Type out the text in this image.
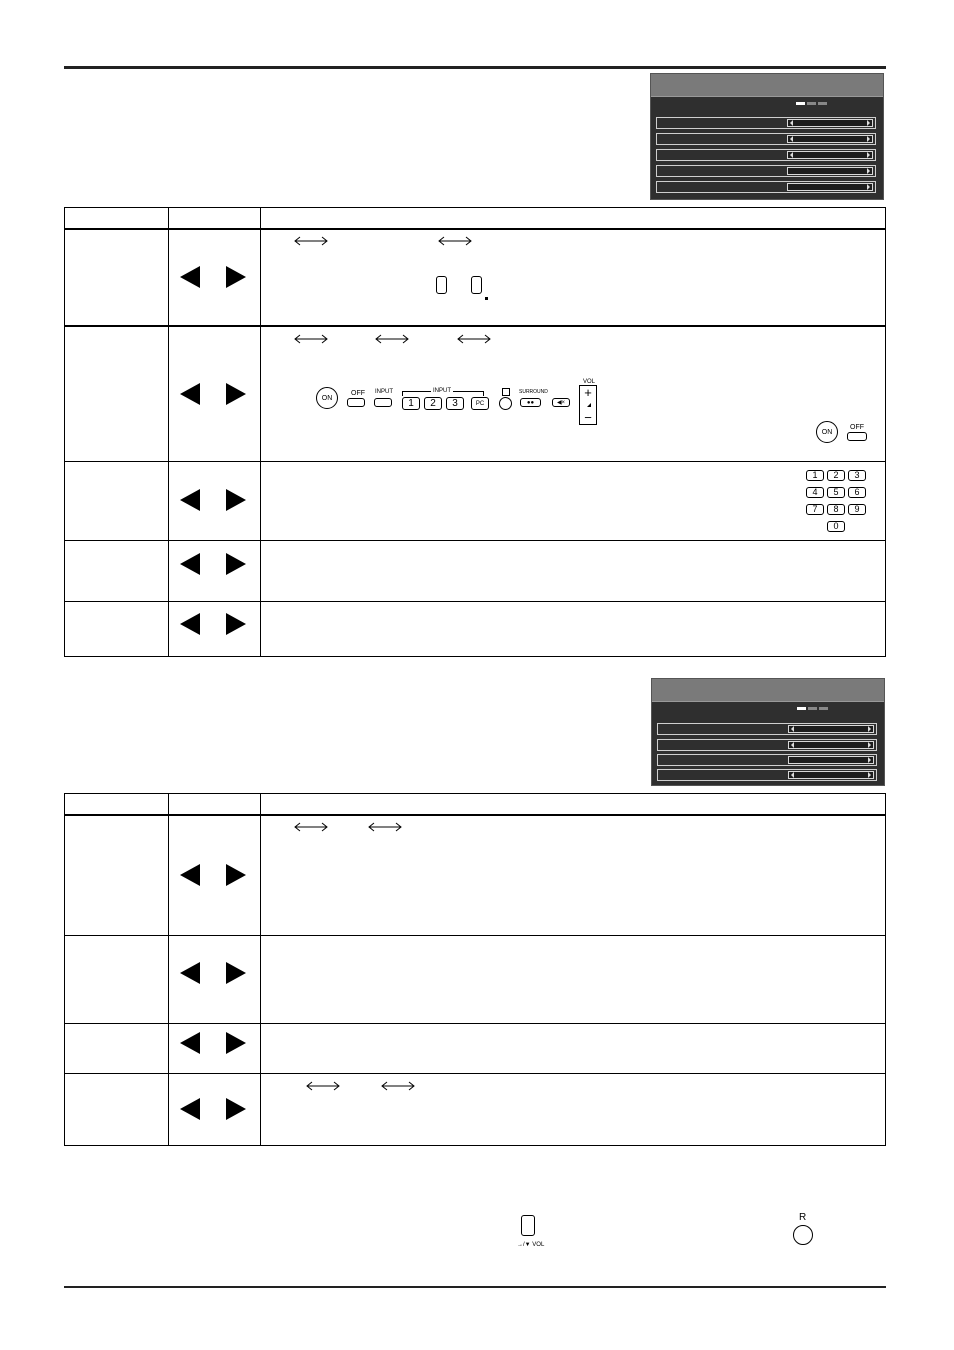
ON
OFF INPUT	INPUT
1	2	3	PC
SURROUND
●●	◀×
VOL
+
−
ON
OFF
1	2	3
4	5	6
7	8	9
0
→/▼ VOL
R
